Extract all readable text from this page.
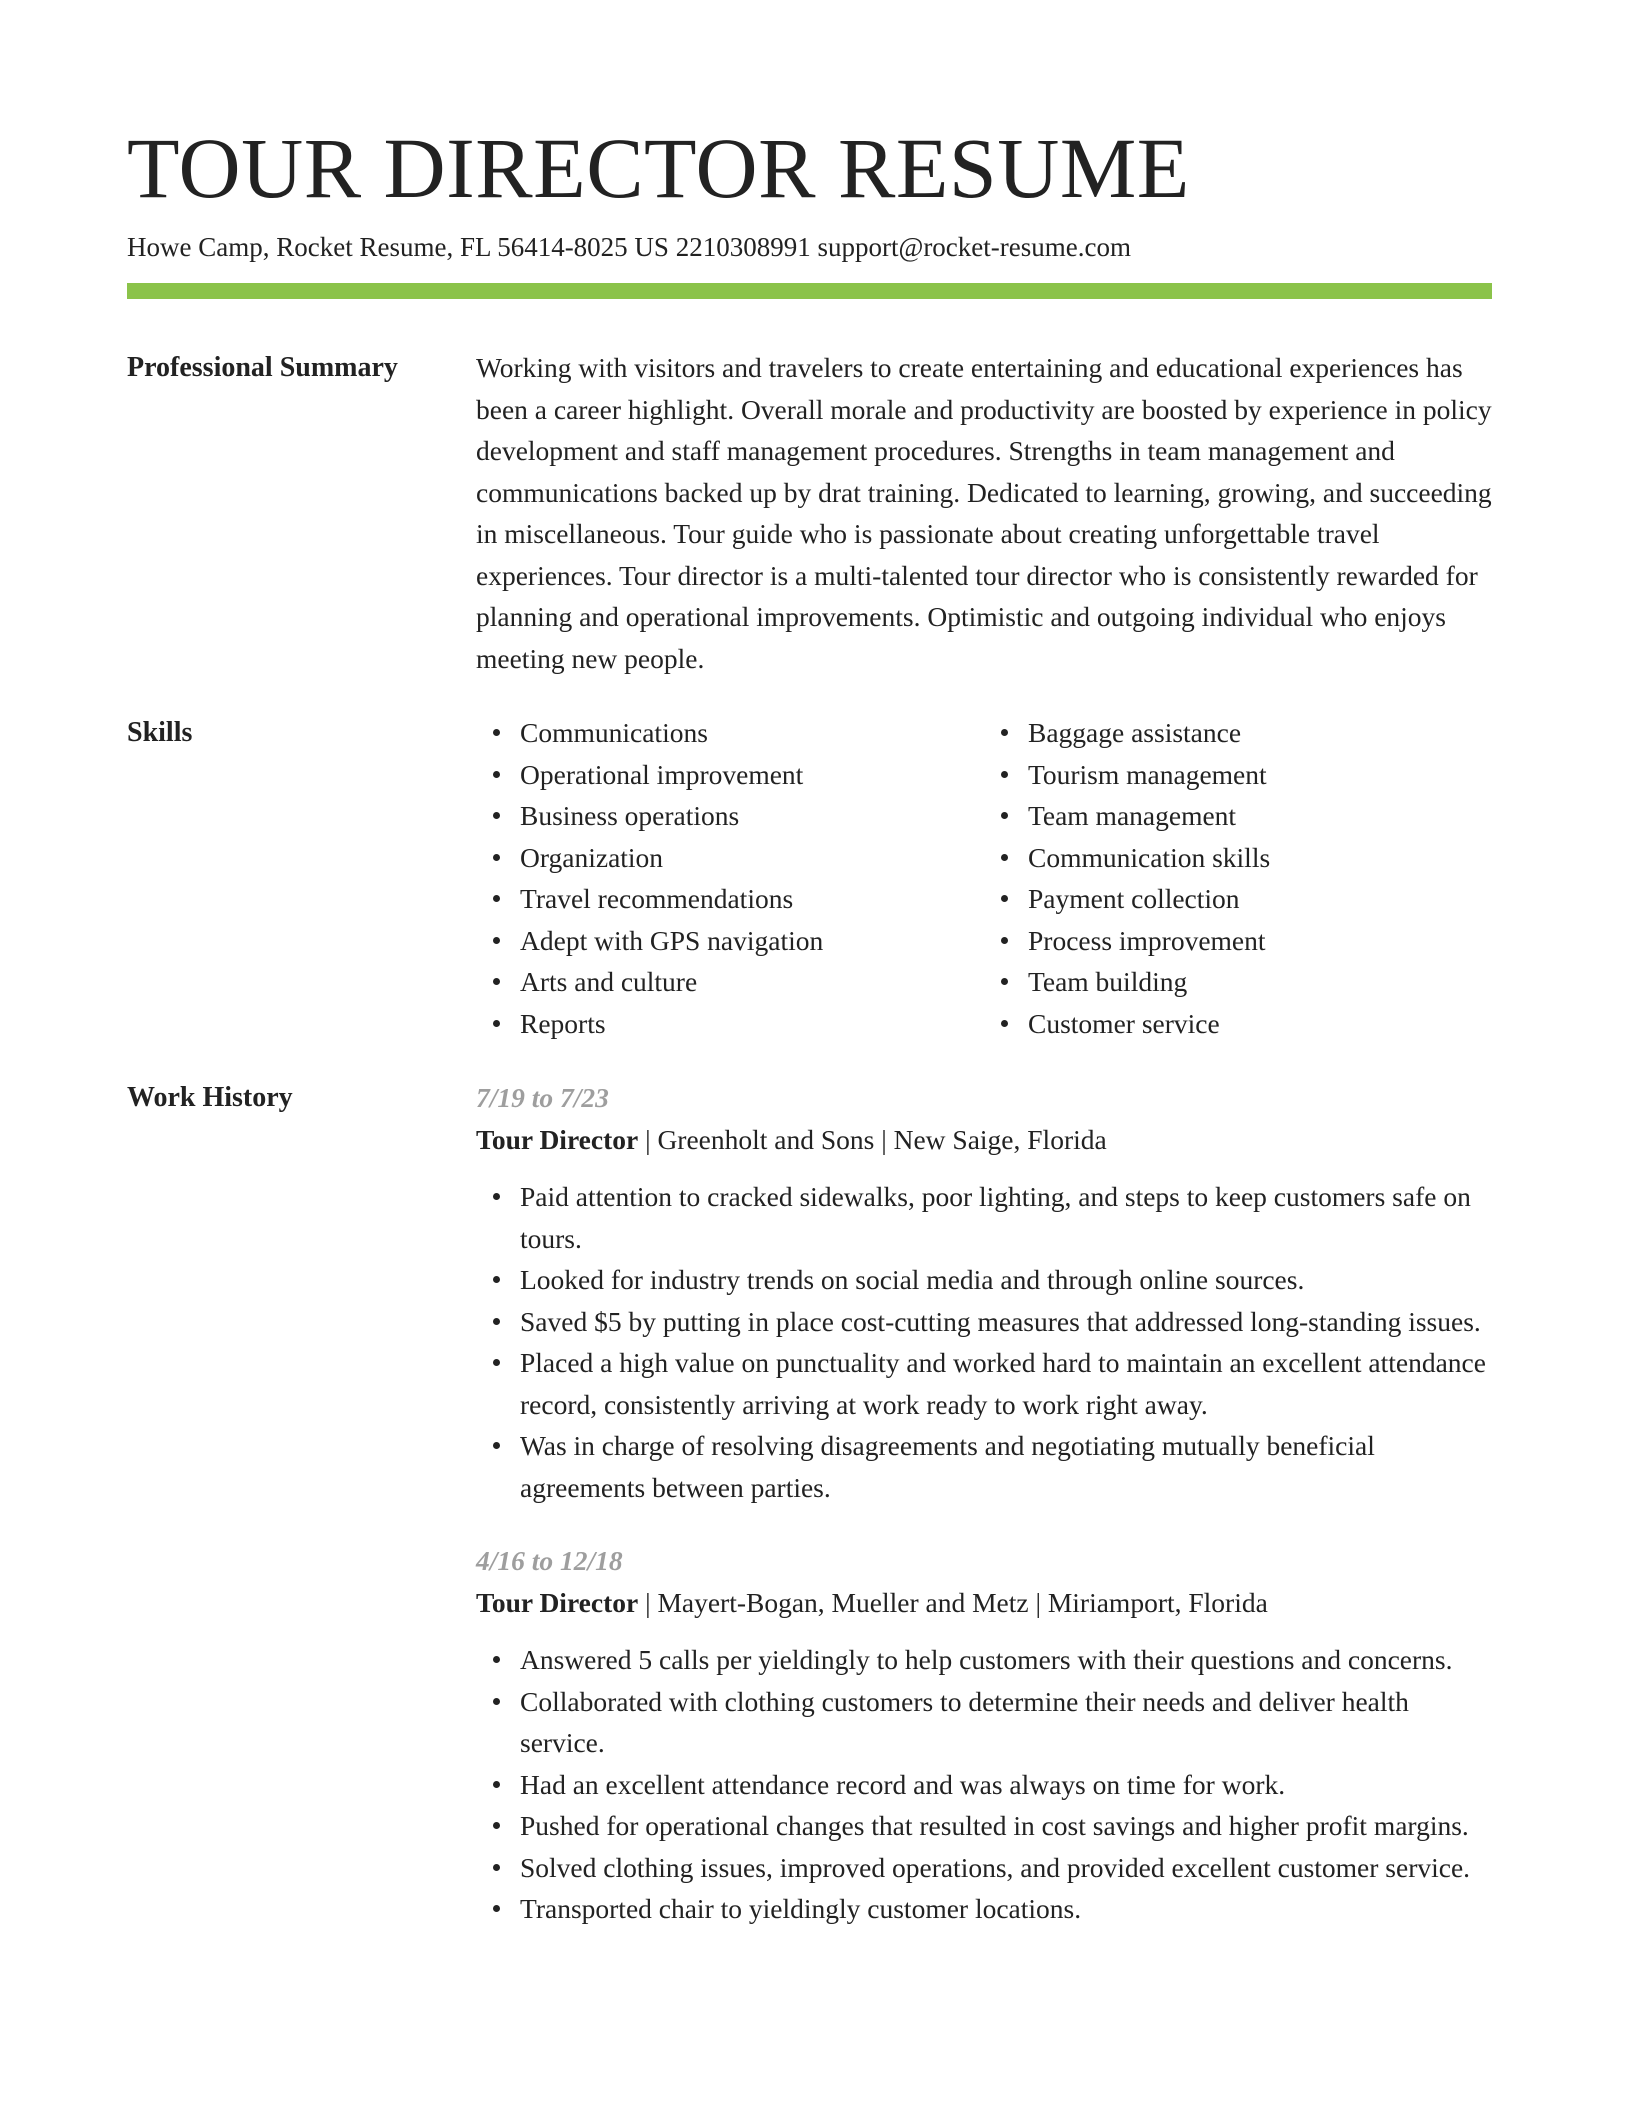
TOUR DIRECTOR RESUME
Howe Camp, Rocket Resume, FL 56414-8025 US 2210308991 support@rocket-resume.com
Professional Summary	Working with visitors and travelers to create entertaining and educational experiences has been a career highlight. Overall morale and productivity are boosted by experience in policy development and staff management procedures. Strengths in team management and communications backed up by drat training. Dedicated to learning, growing, and succeeding in miscellaneous. Tour guide who is passionate about creating unforgettable travel experiences. Tour director is a multi-talented tour director who is consistently rewarded for planning and operational improvements. Optimistic and outgoing individual who enjoys meeting new people.

Skills	Communications
Operational improvement
Business operations
Organization
Travel recommendations
Adept with GPS navigation
Arts and culture
Reports
Baggage assistance
Tourism management
Team management
Communication skills
Payment collection
Process improvement
Team building
Customer service
Work History	7/19 to 7/23
Tour Director | Greenholt and Sons | New Saige, Florida
Paid attention to cracked sidewalks, poor lighting, and steps to keep customers safe on tours.
Looked for industry trends on social media and through online sources.
Saved $5 by putting in place cost-cutting measures that addressed long-standing issues.
Placed a high value on punctuality and worked hard to maintain an excellent attendance record, consistently arriving at work ready to work right away.
Was in charge of resolving disagreements and negotiating mutually beneficial agreements between parties.
4/16 to 12/18
Tour Director | Mayert-Bogan, Mueller and Metz | Miriamport, Florida
Answered 5 calls per yieldingly to help customers with their questions and concerns.
Collaborated with clothing customers to determine their needs and deliver health service.
Had an excellent attendance record and was always on time for work.
Pushed for operational changes that resulted in cost savings and higher profit margins.
Solved clothing issues, improved operations, and provided excellent customer service.
Transported chair to yieldingly customer locations.
